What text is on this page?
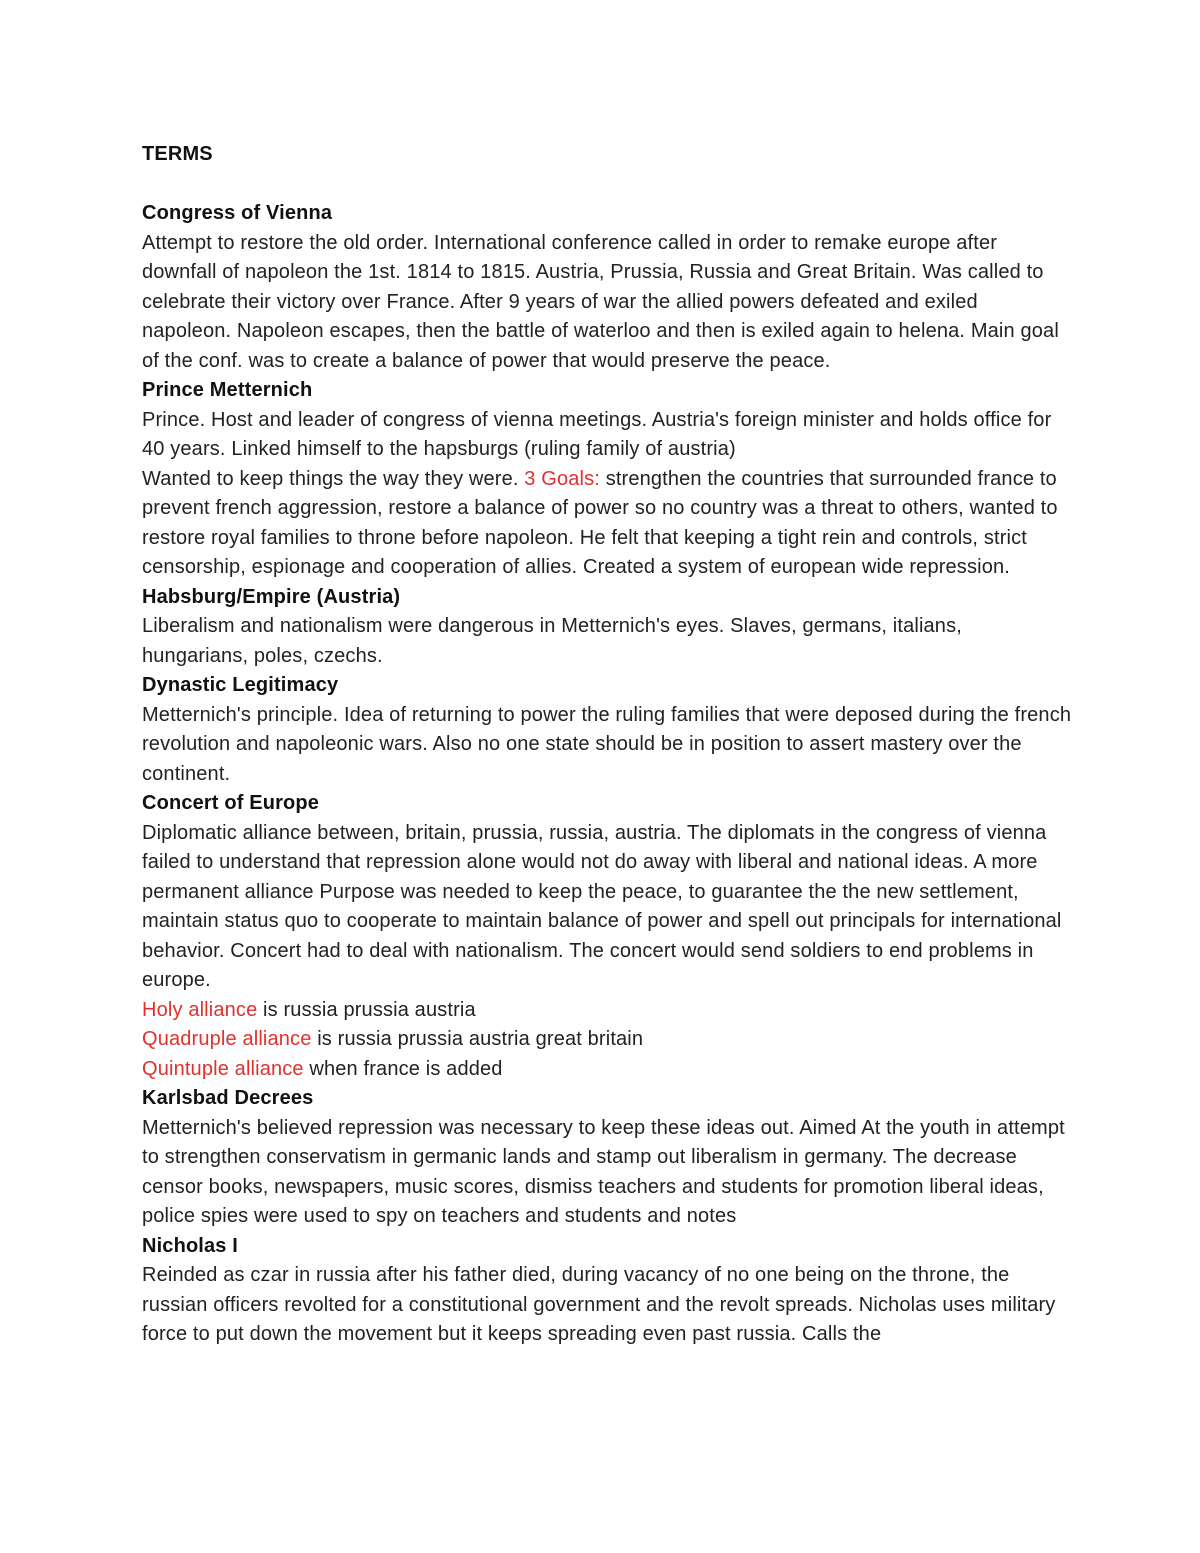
TERMS

Congress of Vienna

Attempt to restore the old order. International conference called in order to remake europe after downfall of napoleon the 1st. 1814 to 1815. Austria, Prussia, Russia and Great Britain. Was called to celebrate their victory over France. After 9 years of war the allied powers defeated and exiled napoleon. Napoleon escapes, then the battle of waterloo and then is exiled again to helena. Main goal of the conf. was to create a balance of power that would preserve the peace.

Prince Metternich

Prince. Host and leader of congress of vienna meetings. Austria's foreign minister and holds office for 40 years. Linked himself to the hapsburgs (ruling family of austria)

Wanted to keep things the way they were. 3 Goals: strengthen the countries that surrounded france to prevent french aggression, restore a balance of power so no country was a threat to others, wanted to restore royal families to throne before napoleon. He felt that keeping a tight rein and controls, strict censorship, espionage and cooperation of allies. Created a system of european wide repression.

Habsburg/Empire (Austria)

Liberalism and nationalism were dangerous in Metternich's eyes. Slaves, germans, italians, hungarians, poles, czechs.

Dynastic Legitimacy

Metternich's principle. Idea of returning to power the ruling families that were deposed during the french revolution and napoleonic wars. Also no one state should be in position to assert mastery over the continent.

Concert of Europe

Diplomatic alliance between, britain, prussia, russia, austria. The diplomats in the congress of vienna failed to understand that repression alone would not do away with liberal and national ideas. A more permanent alliance Purpose was needed to keep the peace, to guarantee the the new settlement, maintain status quo to cooperate to maintain balance of power and spell out principals for international behavior. Concert had to deal with nationalism. The concert would send soldiers to end problems in europe.

Holy alliance is russia prussia austria

Quadruple alliance is russia prussia austria great britain

Quintuple alliance when france is added

Karlsbad Decrees

Metternich's believed repression was necessary to keep these ideas out. Aimed At the youth in attempt to strengthen conservatism in germanic lands and stamp out liberalism in germany. The decrease censor books, newspapers, music scores, dismiss teachers and students for promotion liberal ideas, police spies were used to spy on teachers and students and notes

Nicholas I

Reinded as czar in russia after his father died, during vacancy of no one being on the throne, the russian officers revolted for a constitutional government and the revolt spreads. Nicholas uses military force to put down the movement but it keeps spreading even past russia. Calls the
